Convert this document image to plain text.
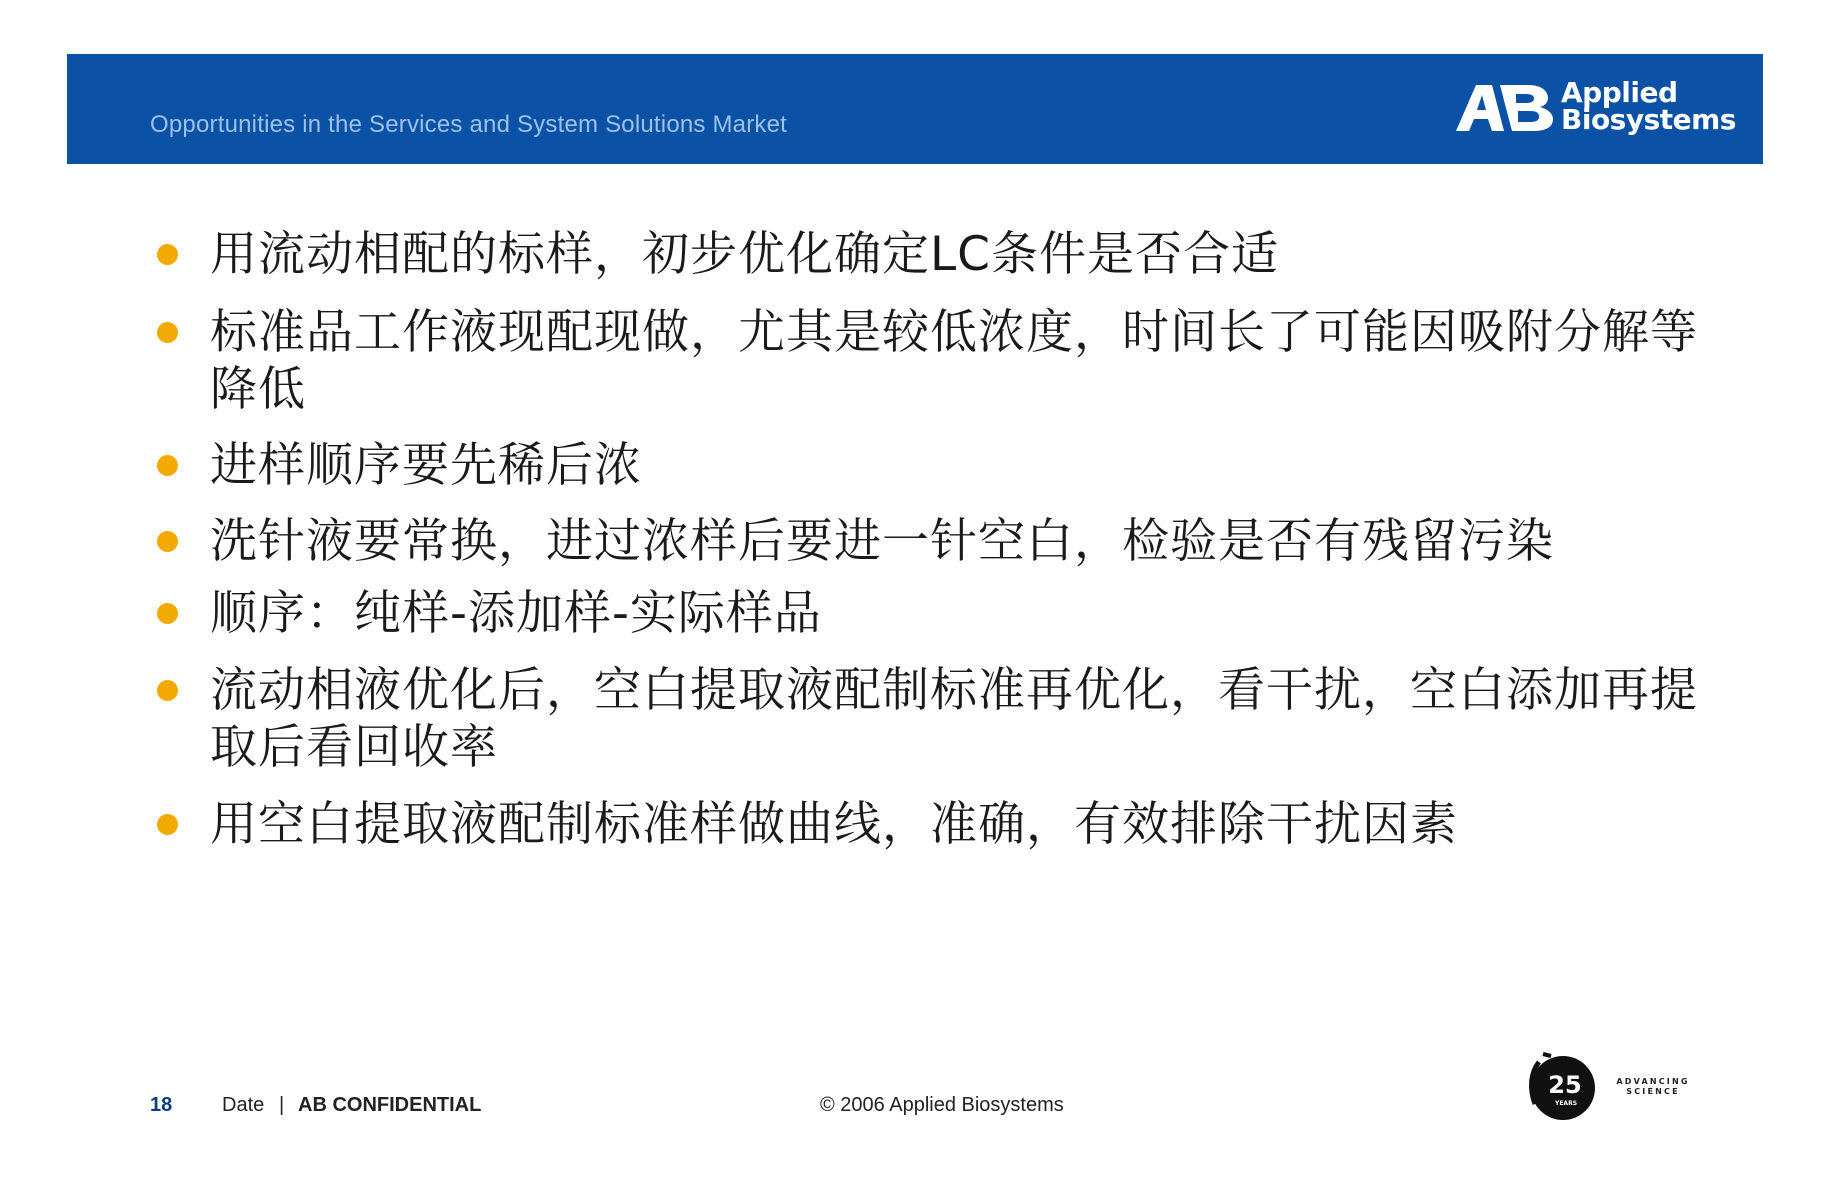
Opportunities in the Services and System Solutions Market
Applied
Biosystems
用流动相配的标样，初步优化确定LC条件是否合适
标准品工作液现配现做，尤其是较低浓度，时间长了可能因吸附分解等降低
进样顺序要先稀后浓
洗针液要常换，进过浓样后要进一针空白，检验是否有残留污染
顺序：纯样-添加样-实际样品
流动相液优化后，空白提取液配制标准再优化，看干扰，空白添加再提取后看回收率
用空白提取液配制标准样做曲线，准确，有效排除干扰因素
18 Date | AB CONFIDENTIAL	© 2006 Applied Biosystems
25
YEARS
ADVANCING
SCIENCE
